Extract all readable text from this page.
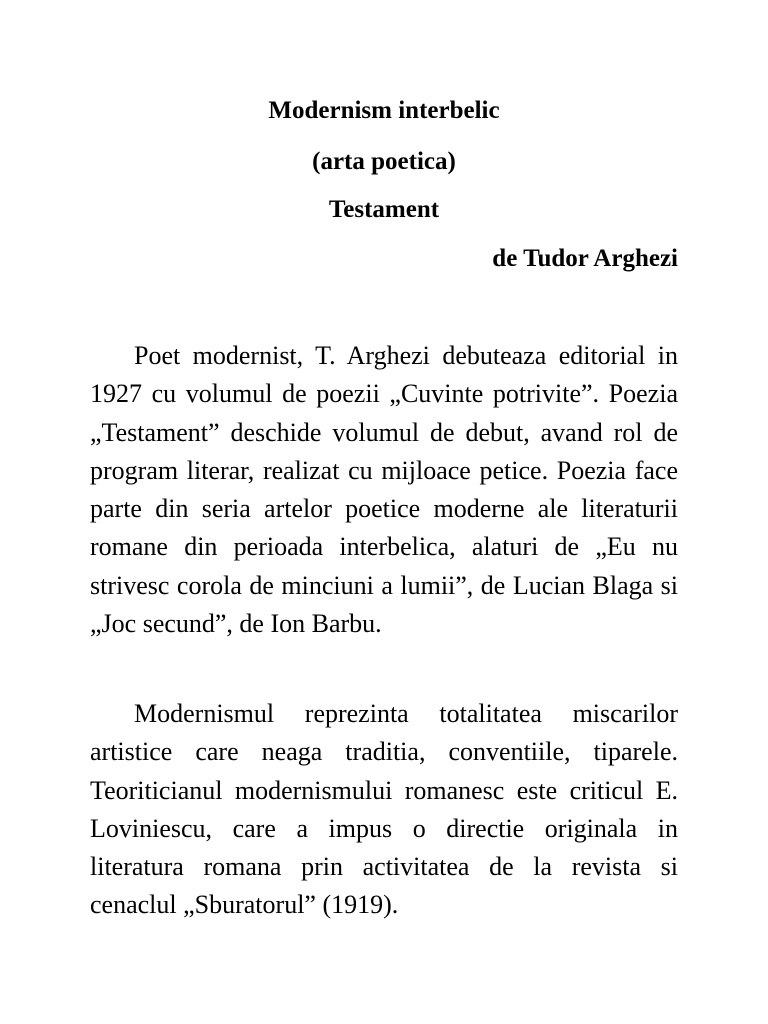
Modernism interbelic
(arta poetica)
Testament
de Tudor Arghezi

Poet modernist, T. Arghezi debuteaza editorial in 1927 cu volumul de poezii „Cuvinte potrivite”. Poezia „Testament” deschide volumul de debut, avand rol de program literar, realizat cu mijloace petice. Poezia face parte din seria artelor poetice moderne ale literaturii romane din perioada interbelica, alaturi de „Eu nu strivesc corola de minciuni a lumii”, de Lucian Blaga si „Joc secund”, de Ion Barbu.

Modernismul reprezinta totalitatea miscarilor artistice care neaga traditia, conventiile, tiparele. Teoriticianul modernismului romanesc este criticul E. Loviniescu, care a impus o directie originala in literatura romana prin activitatea de la revista si cenaclul „Sburatorul” (1919).
